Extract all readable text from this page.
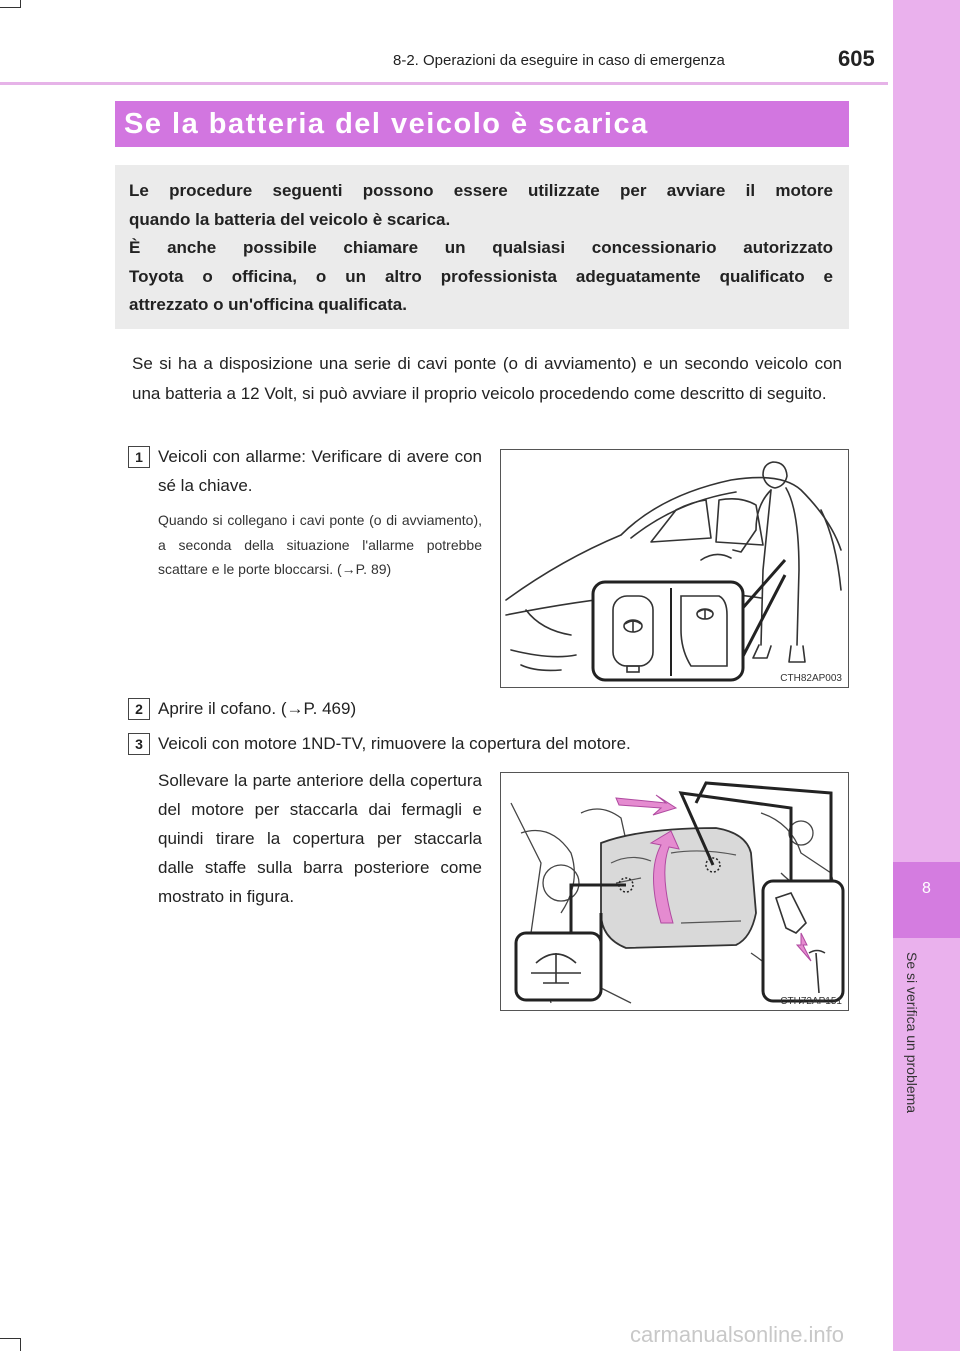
8-2. Operazioni da eseguire in caso di emergenza	605
8
Se si verifica un problema
Se la batteria del veicolo è scarica
Le procedure seguenti possono essere utilizzate per avviare il motore
quando la batteria del veicolo è scarica.
È anche possibile chiamare un qualsiasi concessionario autorizzato
Toyota o officina, o un altro professionista adeguatamente qualificato e
attrezzato o un'officina qualificata.
Se si ha a disposizione una serie di cavi ponte (o di avviamento) e un secondo veicolo con una batteria a 12 Volt, si può avviare il proprio veicolo procedendo come descritto di seguito.
1 Veicoli con allarme: Verificare di avere con sé la chiave.
Quando si collegano i cavi ponte (o di avviamento), a seconda della situazione l'allarme potrebbe scattare e le porte bloccarsi. (→P. 89)
CTH82AP003
2 Aprire il cofano. (→P. 469)
3 Veicoli con motore 1ND-TV, rimuovere la copertura del motore.
Sollevare la parte anteriore della copertura del motore per staccarla dai fermagli e quindi tirare la copertura per staccarla dalle staffe sulla barra posteriore come mostrato in figura.
CTH72AP151
carmanualsonline.info
